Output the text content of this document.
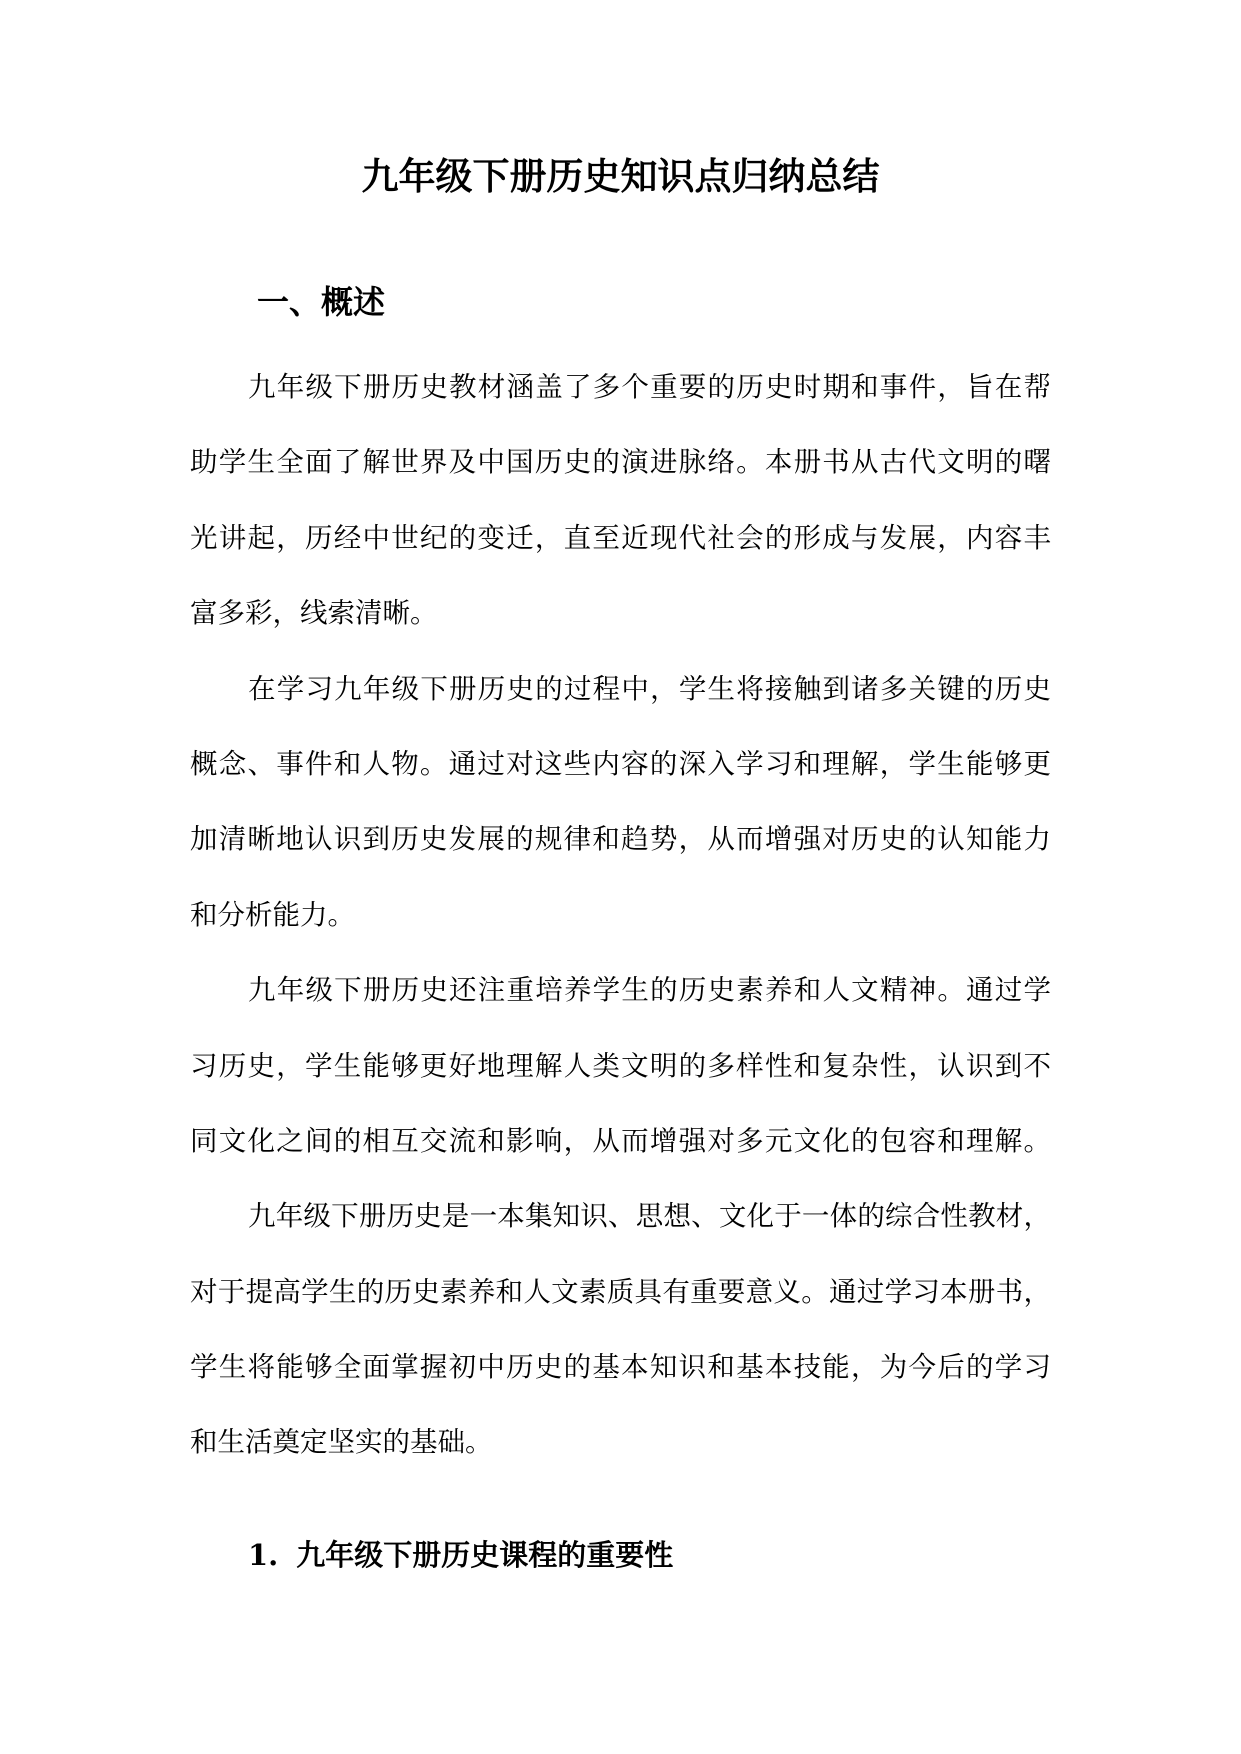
九年级下册历史知识点归纳总结
一、概述
九年级下册历史教材涵盖了多个重要的历史时期和事件，旨在帮
助学生全面了解世界及中国历史的演进脉络。本册书从古代文明的曙
光讲起，历经中世纪的变迁，直至近现代社会的形成与发展，内容丰
富多彩，线索清晰。
在学习九年级下册历史的过程中，学生将接触到诸多关键的历史
概念、事件和人物。通过对这些内容的深入学习和理解，学生能够更
加清晰地认识到历史发展的规律和趋势，从而增强对历史的认知能力
和分析能力。
九年级下册历史还注重培养学生的历史素养和人文精神。通过学
习历史，学生能够更好地理解人类文明的多样性和复杂性，认识到不
同文化之间的相互交流和影响，从而增强对多元文化的包容和理解。
九年级下册历史是一本集知识、思想、文化于一体的综合性教材，
对于提高学生的历史素养和人文素质具有重要意义。通过学习本册书，
学生将能够全面掌握初中历史的基本知识和基本技能，为今后的学习
和生活奠定坚实的基础。
1. 九年级下册历史课程的重要性
